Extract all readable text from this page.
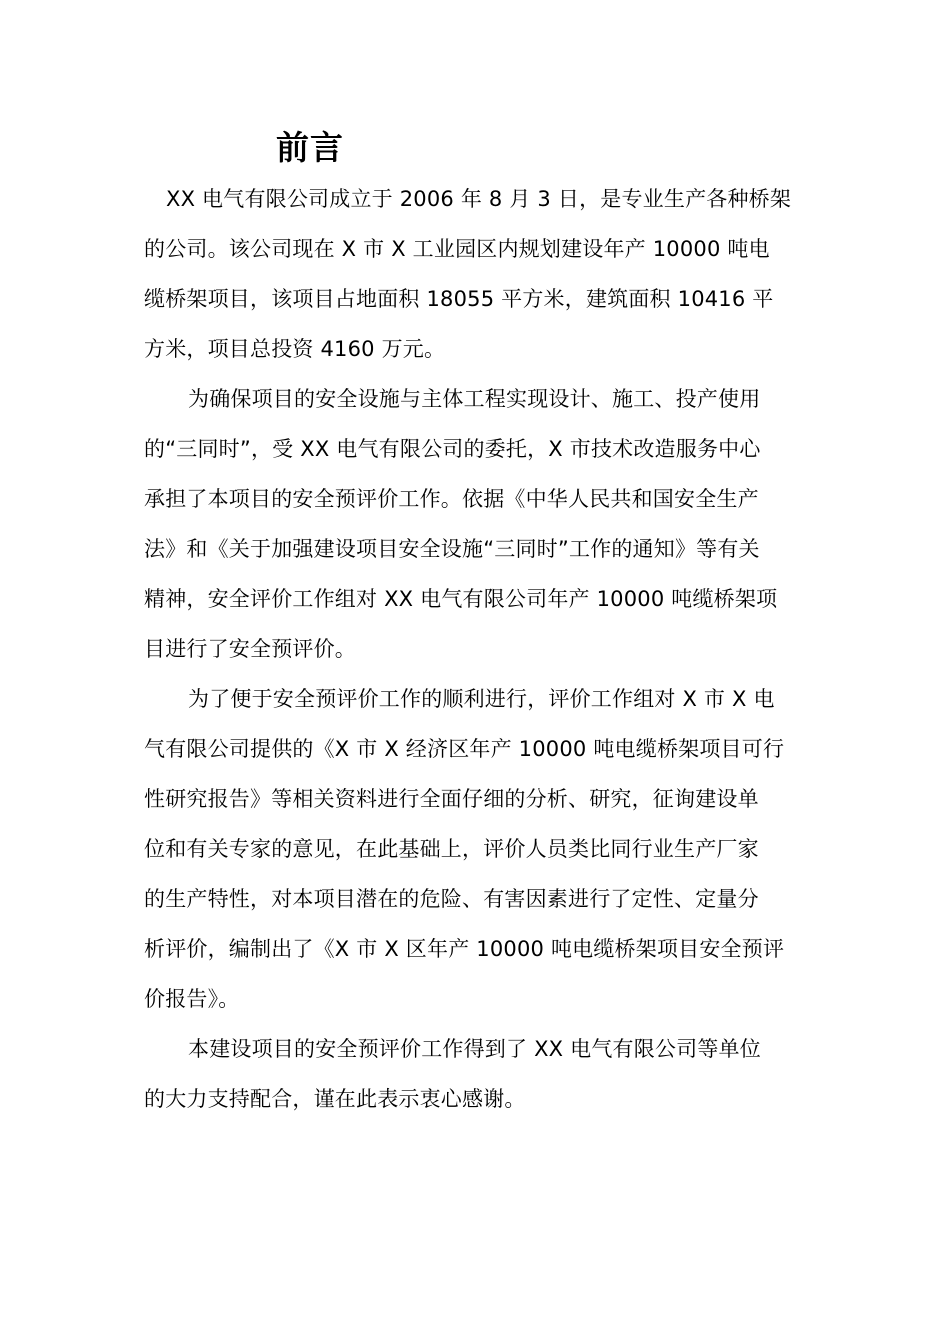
前言
XX 电气有限公司成立于 2006 年 8 月 3 日，是专业生产各种桥架
的公司。该公司现在 X 市 X 工业园区内规划建设年产 10000 吨电
缆桥架项目，该项目占地面积 18055 平方米，建筑面积 10416 平
方米，项目总投资 4160 万元。
为确保项目的安全设施与主体工程实现设计、施工、投产使用
的“三同时”，受 XX 电气有限公司的委托，X 市技术改造服务中心
承担了本项目的安全预评价工作。依据《中华人民共和国安全生产
法》和《关于加强建设项目安全设施“三同时”工作的通知》等有关
精神，安全评价工作组对 XX 电气有限公司年产 10000 吨缆桥架项
目进行了安全预评价。
为了便于安全预评价工作的顺利进行，评价工作组对 X 市 X 电
气有限公司提供的《X 市 X 经济区年产 10000 吨电缆桥架项目可行
性研究报告》等相关资料进行全面仔细的分析、研究，征询建设单
位和有关专家的意见，在此基础上，评价人员类比同行业生产厂家
的生产特性，对本项目潜在的危险、有害因素进行了定性、定量分
析评价，编制出了《X 市 X 区年产 10000 吨电缆桥架项目安全预评
价报告》。
本建设项目的安全预评价工作得到了 XX 电气有限公司等单位
的大力支持配合，谨在此表示衷心感谢。
